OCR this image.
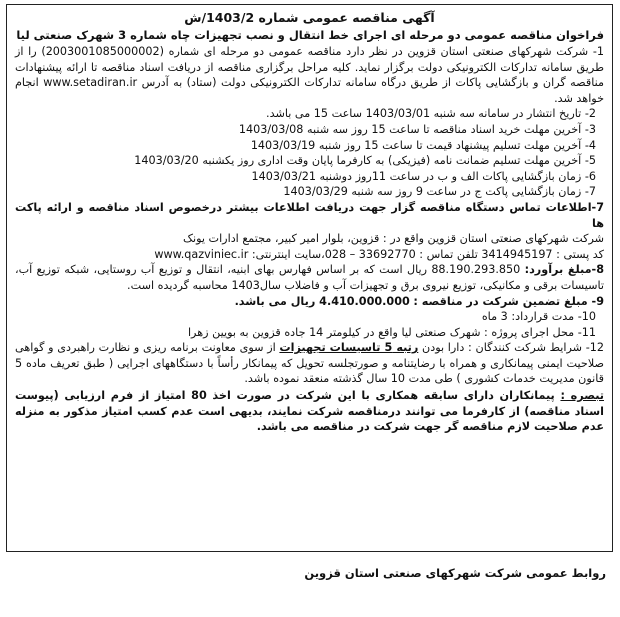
آگهی مناقصه عمومی شماره 1403/2/ش

فراخوان مناقصه عمومی دو مرحله ای اجرای خط انتقال و نصب تجهیزات چاه شماره 3 شهرک صنعتی لیا

1- شرکت شهرکهای صنعتی استان قزوین در نظر دارد مناقصه عمومی دو مرحله ای شماره (2003001085000002) را از طریق سامانه تدارکات الکترونیکی دولت برگزار نماید. کلیه مراحل برگزاری مناقصه از دریافت اسناد مناقصه تا ارائه پیشنهادات مناقصه گران و بازگشایی پاکات از طریق درگاه سامانه تدارکات الکترونیکی دولت (ستاد) به آدرس www.setadiran.ir انجام خواهد شد.

2- تاریخ انتشار در سامانه سه شنبه 1403/03/01 ساعت 15 می باشد.

3- آخرین مهلت خرید اسناد مناقصه تا ساعت 15 روز سه شنبه 1403/03/08

4- آخرین مهلت تسلیم پیشنهاد قیمت تا ساعت 15 روز شنبه 1403/03/19

5- آخرین مهلت تسلیم ضمانت نامه (فیزیکی) به کارفرما پایان وقت اداری روز یکشنبه 1403/03/20

6- زمان بازگشایی پاکات الف و ب در ساعت 11روز دوشنبه 1403/03/21

7- زمان بازگشایی پاکت ج در ساعت 9 روز سه شنبه 1403/03/29

7-اطلاعات تماس دستگاه مناقصه گزار جهت دریافت اطلاعات بیشتر درخصوص اسناد مناقصه و ارائه پاکت ها

شرکت شهرکهای صنعتی استان قزوین واقع در : قزوین، بلوار امیر کبیر، مجتمع ادارات یونک

کد پستی : 3414945197 تلفن تماس : 33692770 – 028،سایت اینترنتی: www.qazviniec.ir

8-مبلغ برآورد: 88.190.293.850 ریال است که بر اساس فهارس بهای ابنیه، انتقال و توزیع آب روستایی، شبکه توزیع آب، تاسیسات برقی و مکانیکی، توزیع نیروی برق و تجهیزات آب و فاضلاب سال1403 محاسبه گردیده است.

9- مبلغ تضمین شرکت در مناقصه : 4.410.000.000 ریال می باشد.

10- مدت قرارداد: 3 ماه

11- محل اجرای پروژه : شهرک صنعتی لیا واقع در کیلومتر 14 جاده قزوین به بویین زهرا

12- شرایط شرکت کنندگان : دارا بودن رتبه 5 تاسیسات تجهیزات از سوی معاونت برنامه ریزی و نظارت راهبردی و گواهی صلاحیت ایمنی پیمانکاری و همراه با رضایتنامه و صورتجلسه تحویل که پیمانکار رأساً با دستگاههای اجرایی ( طبق تعریف ماده 5 قانون مدیریت خدمات کشوری ) طی مدت 10 سال گذشته منعقد نموده باشد.

تبصره : پیمانکاران دارای سابقه همکاری با این شرکت در صورت اخذ 80 امتیاز از فرم ارزیابی (پیوست اسناد مناقصه) از کارفرما می توانند درمناقصه شرکت نمایند، بدیهی است عدم کسب امتیاز مذکور به منزله عدم صلاحیت لازم مناقصه گر جهت شرکت در مناقصه می باشد.

روابط عمومی شرکت شهرکهای صنعتی استان قزوین
